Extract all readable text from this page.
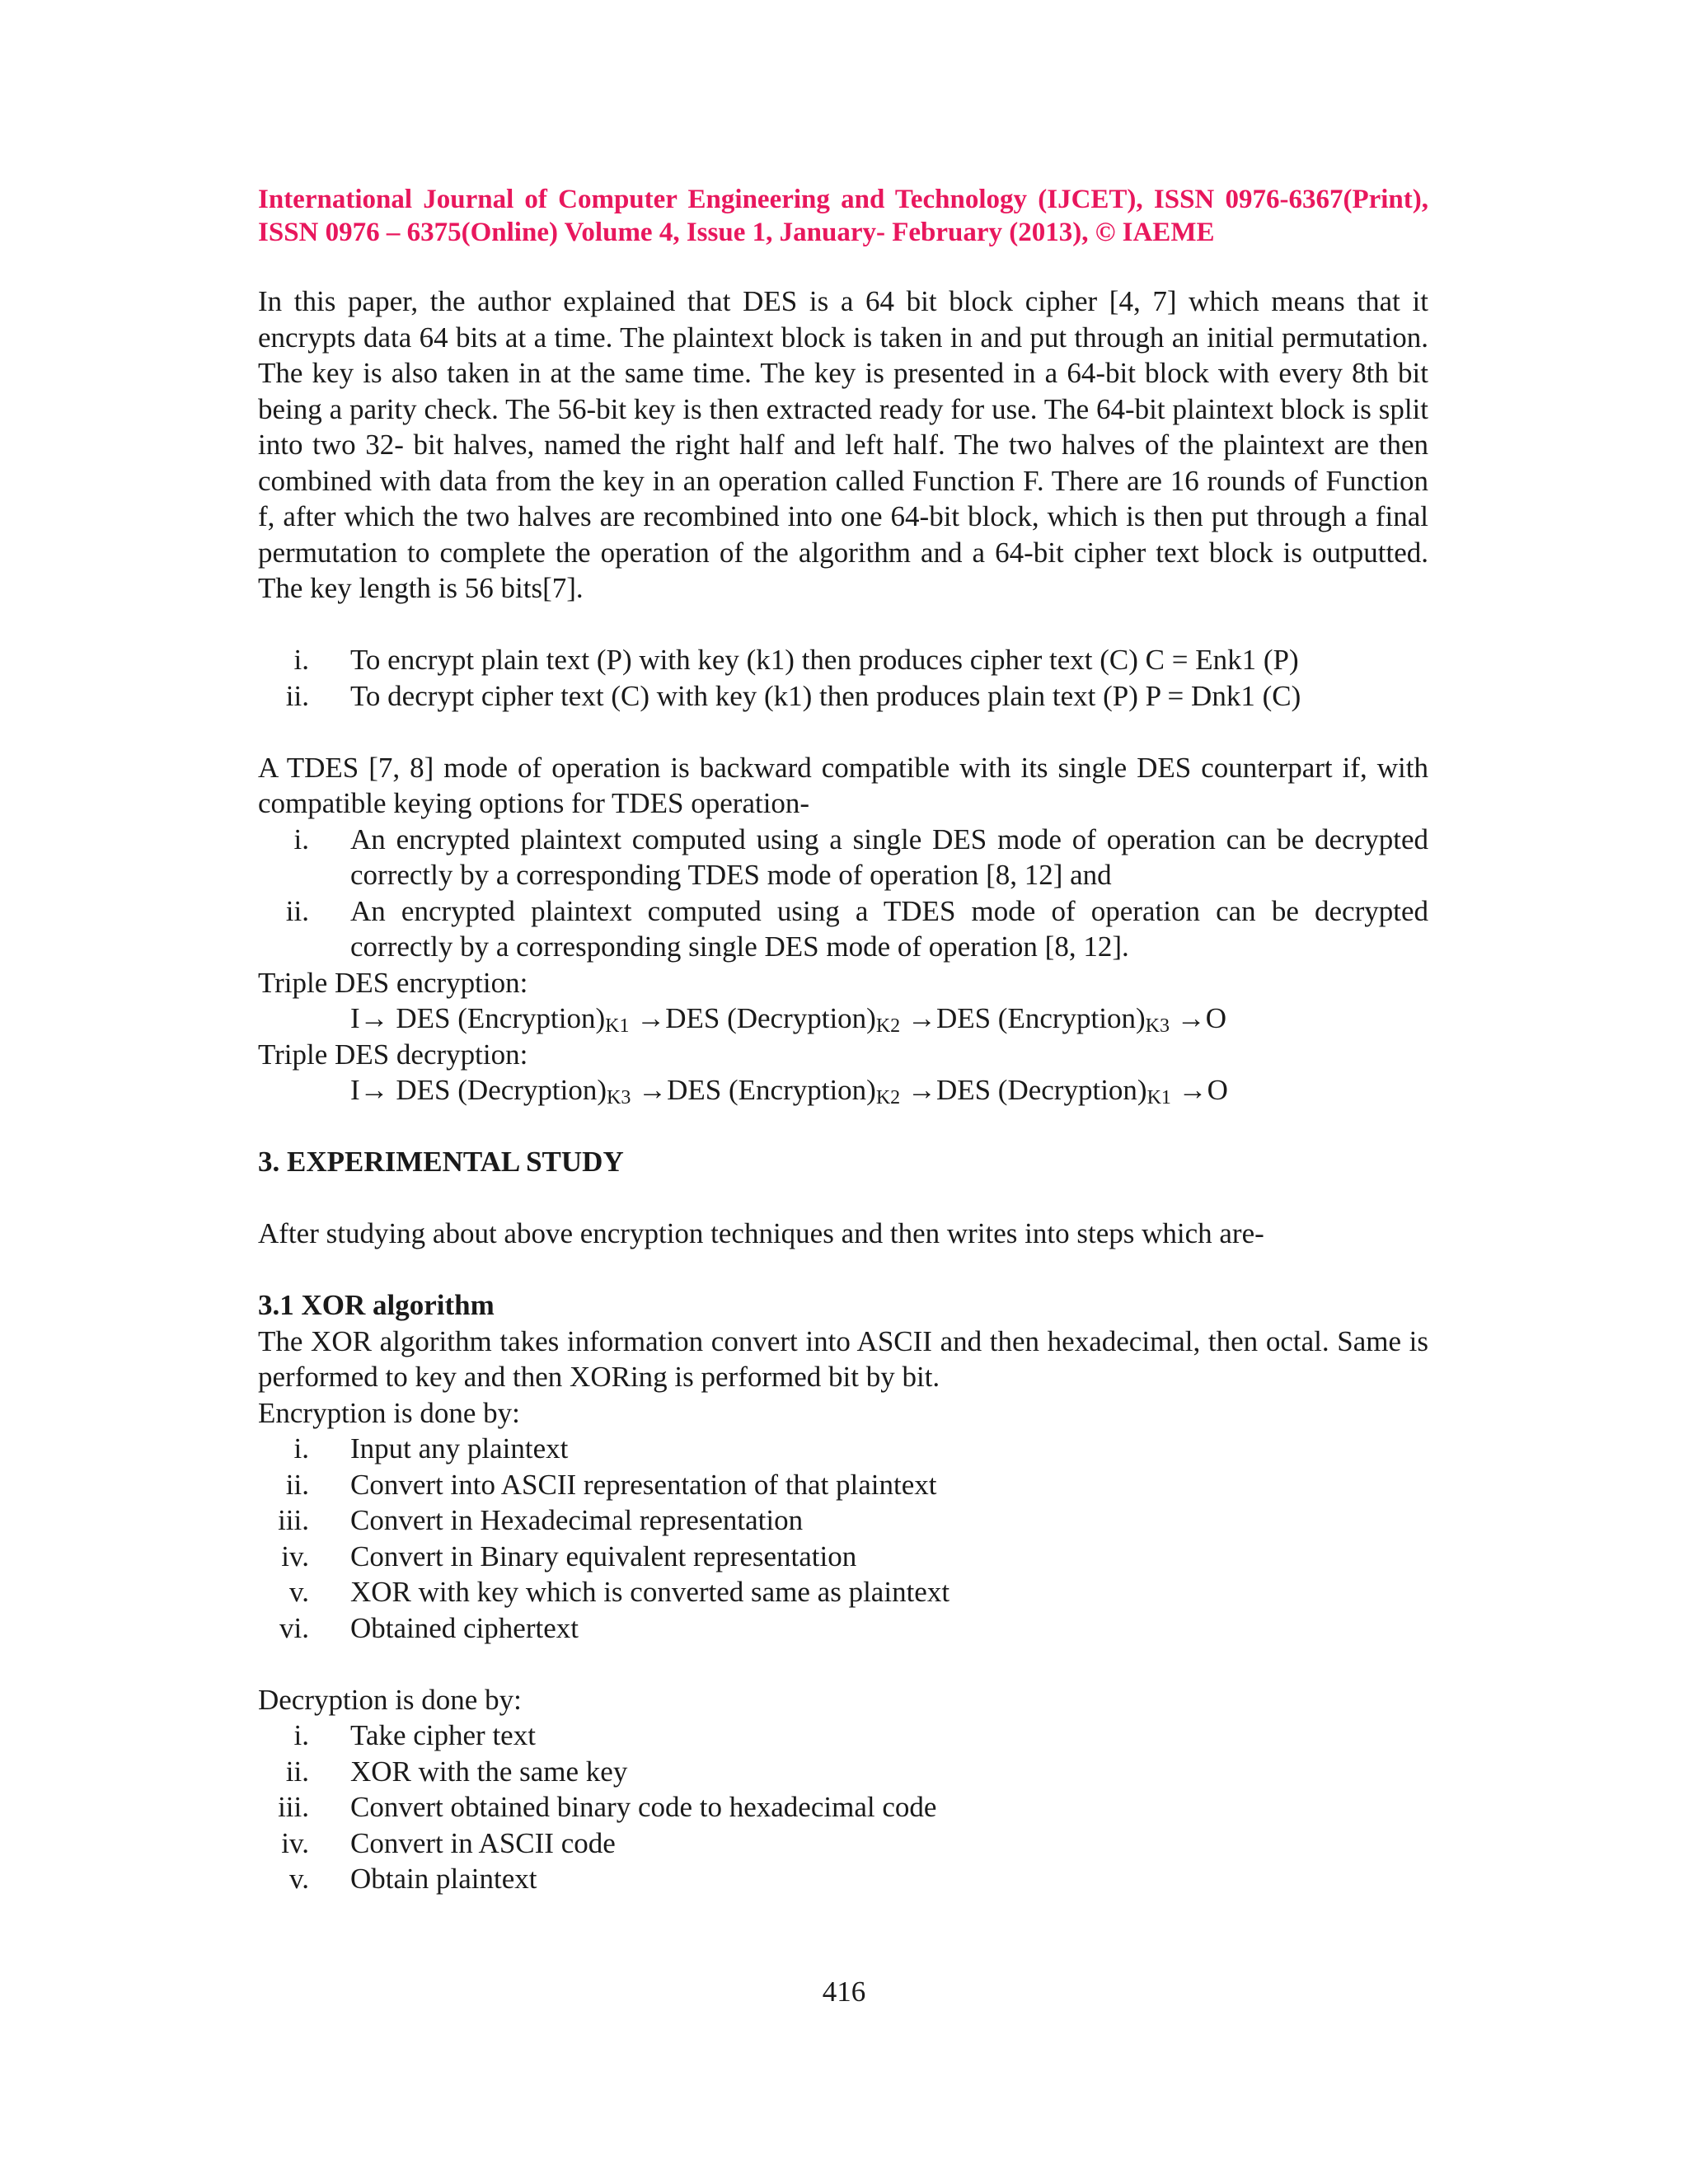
International Journal of Computer Engineering and Technology (IJCET), ISSN 0976-6367(Print), ISSN 0976 – 6375(Online) Volume 4, Issue 1, January- February (2013), © IAEME

In this paper, the author explained that DES is a 64 bit block cipher [4, 7] which means that it encrypts data 64 bits at a time. The plaintext block is taken in and put through an initial permutation. The key is also taken in at the same time. The key is presented in a 64-bit block with every 8th bit being a parity check. The 56-bit key is then extracted ready for use. The 64-bit plaintext block is split into two 32- bit halves, named the right half and left half. The two halves of the plaintext are then combined with data from the key in an operation called Function F. There are 16 rounds of Function f, after which the two halves are recombined into one 64-bit block, which is then put through a final permutation to complete the operation of the algorithm and a 64-bit cipher text block is outputted. The key length is 56 bits[7].

i. To encrypt plain text (P) with key (k1) then produces cipher text (C) C = Enk1 (P)
ii. To decrypt cipher text (C) with key (k1) then produces plain text (P) P = Dnk1 (C)

A TDES [7, 8] mode of operation is backward compatible with its single DES counterpart if, with compatible keying options for TDES operation-

i. An encrypted plaintext computed using a single DES mode of operation can be decrypted correctly by a corresponding TDES mode of operation [8, 12] and
ii. An encrypted plaintext computed using a TDES mode of operation can be decrypted correctly by a corresponding single DES mode of operation [8, 12].
Triple DES encryption:
I→ DES $(Encryption)_{K1} \to DES$ $(Decryption)_{K2} \to DES$ $(Encryption)_{K3} \to O$
Triple DES decryption:
I→ DES $(Decryption)_{K3} \to DES$ $(Encryption)_{K2} \to DES$ $(Decryption)_{K1} \to O$

3. EXPERIMENTAL STUDY

After studying about above encryption techniques and then writes into steps which are-

3.1 XOR algorithm

The XOR algorithm takes information convert into ASCII and then hexadecimal, then octal. Same is performed to key and then XORing is performed bit by bit.

Encryption is done by:
i. Input any plaintext
ii. Convert into ASCII representation of that plaintext
iii. Convert in Hexadecimal representation
iv. Convert in Binary equivalent representation
v. XOR with key which is converted same as plaintext
vi. Obtained ciphertext
Decryption is done by:
i. Take cipher text
ii. XOR with the same key
iii. Convert obtained binary code to hexadecimal code
iv. Convert in ASCII code
v. Obtain plaintext
416
